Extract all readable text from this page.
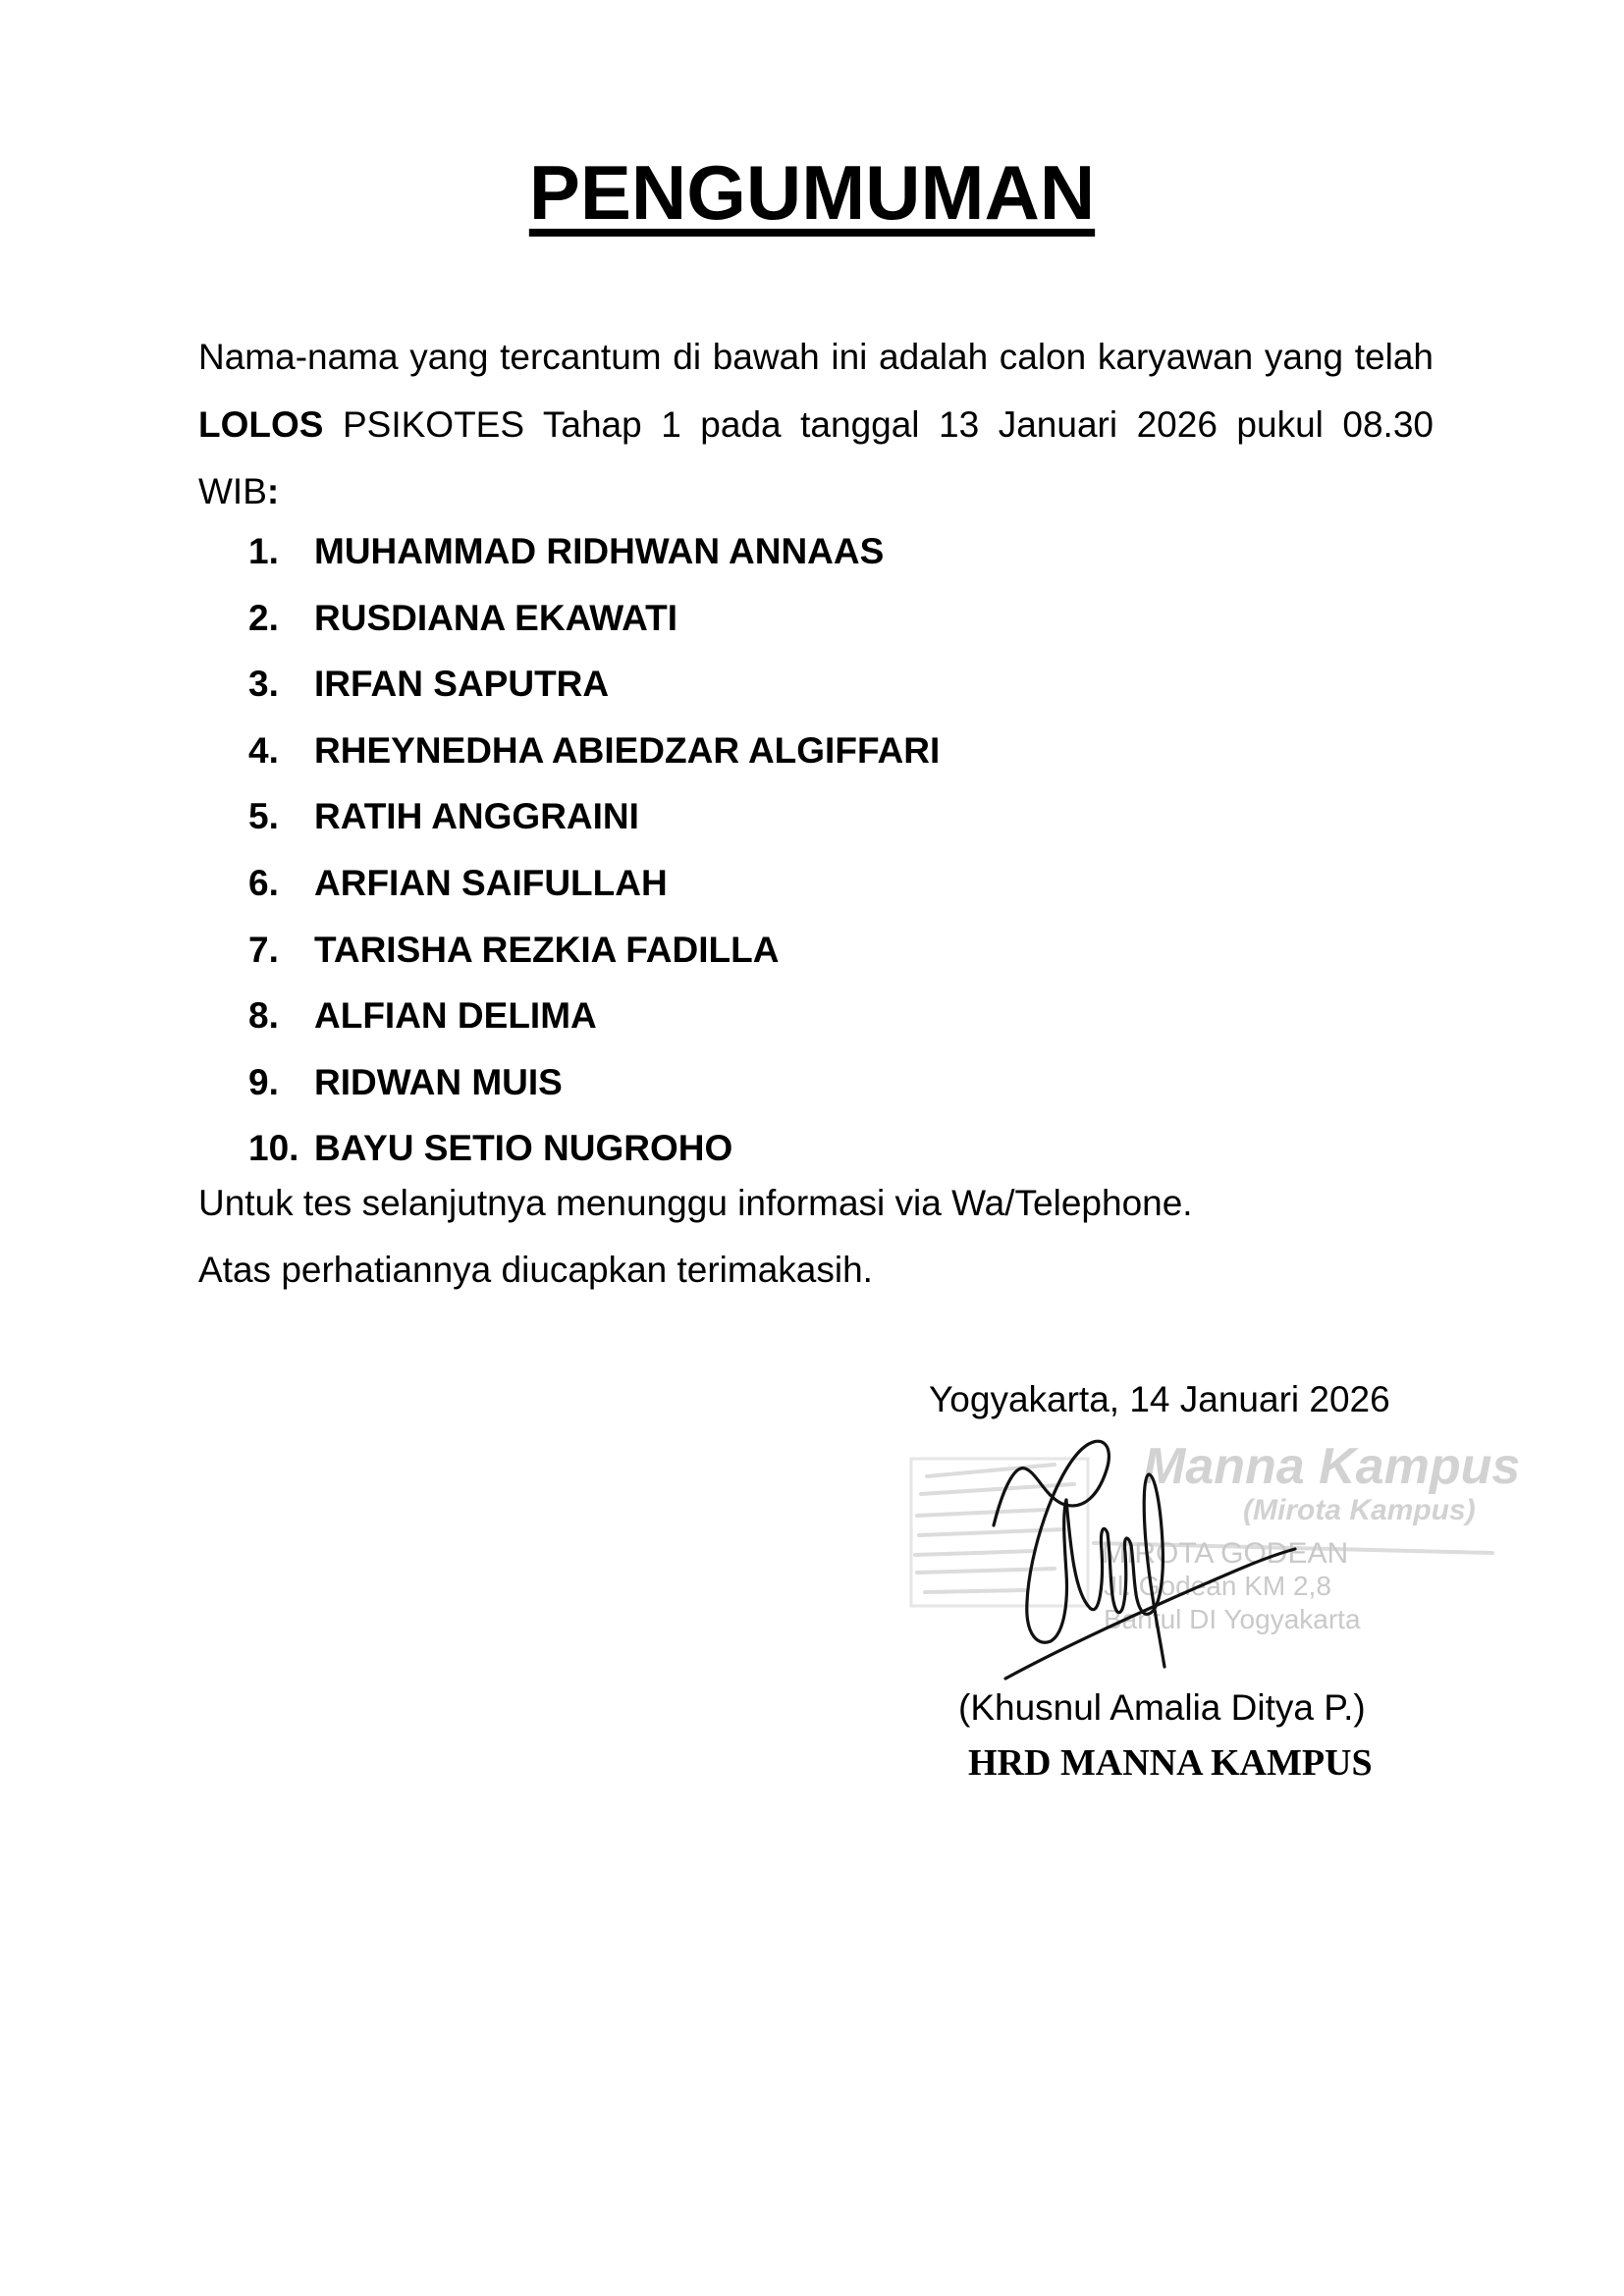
PENGUMUMAN

Nama-nama yang tercantum di bawah ini adalah calon karyawan yang telah LOLOS PSIKOTES Tahap 1 pada tanggal 13 Januari 2026 pukul 08.30 WIB:

1. MUHAMMAD RIDHWAN ANNAAS
2. RUSDIANA EKAWATI
3. IRFAN SAPUTRA
4. RHEYNEDHA ABIEDZAR ALGIFFARI
5. RATIH ANGGRAINI
6. ARFIAN SAIFULLAH
7. TARISHA REZKIA FADILLA
8. ALFIAN DELIMA
9. RIDWAN MUIS
10. BAYU SETIO NUGROHO

Untuk tes selanjutnya menunggu informasi via Wa/Telephone.

Atas perhatiannya diucapkan terimakasih.

Yogyakarta, 14 Januari 2026
Manna Kampus
(Mirota Kampus)
MIROTA GODEAN
Jl. Godean KM 2,8
Bantul DI Yogyakarta
(Khusnul Amalia Ditya P.)
HRD MANNA KAMPUS
